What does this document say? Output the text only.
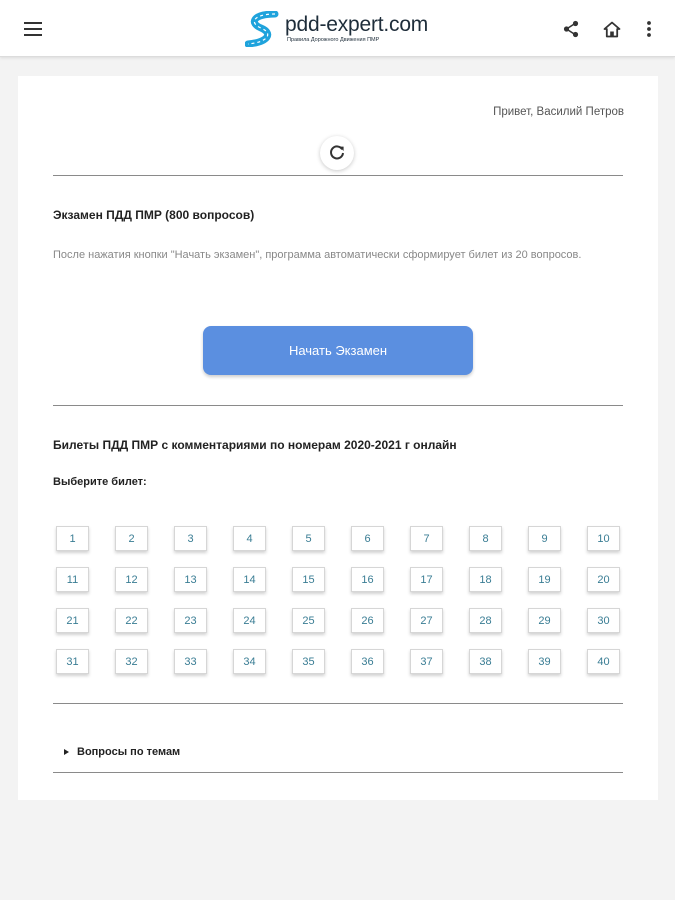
pdd-expert.com
Правила Дорожного Движения ПМР
Привет, Василий Петров
Экзамен ПДД ПМР (800 вопросов)
После нажатия кнопки "Начать экзамен", программа автоматически сформирует билет из 20 вопросов.
Начать Экзамен
Билеты ПДД ПМР с комментариями по номерам 2020-2021 г онлайн
Выберите билет:
1	2	3	4	5	6	7	8	9	10
11	12	13	14	15	16	17	18	19	20
21	22	23	24	25	26	27	28	29	30
31	32	33	34	35	36	37	38	39	40
Вопросы по темам
